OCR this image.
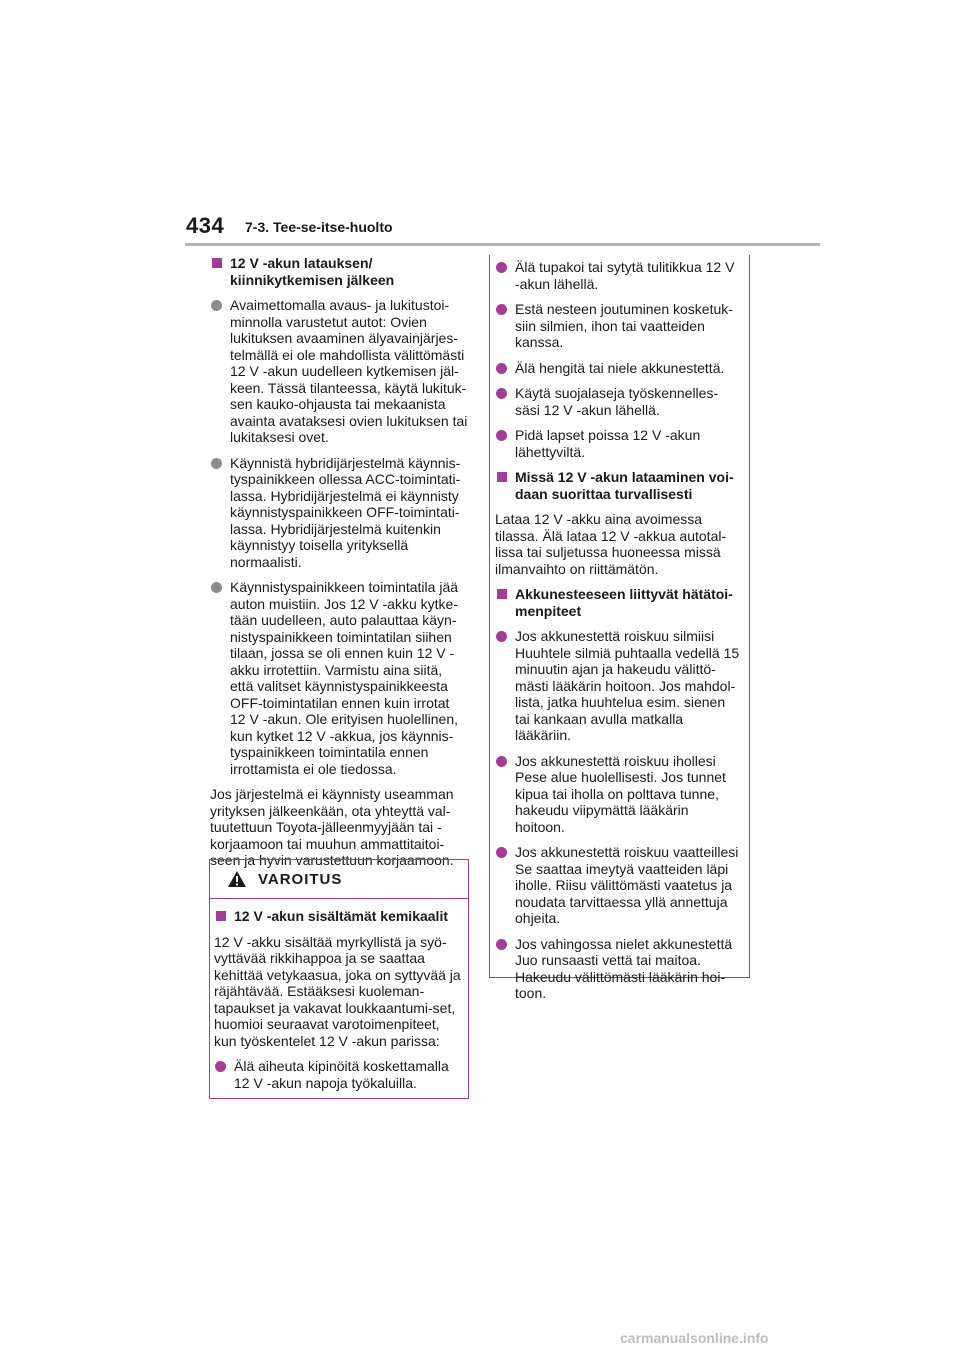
434 7-3. Tee-se-itse-huolto
12 V -akun latauksen/ kiinnikytkemisen jälkeen
Avaimettomalla avaus- ja lukitustoi-minnolla varustetut autot: Ovien lukituksen avaaminen älyavainjärjes-telmällä ei ole mahdollista välittömästi 12 V -akun uudelleen kytkemisen jäl-keen. Tässä tilanteessa, käytä lukituk-sen kauko-ohjausta tai mekaanista avainta avataksesi ovien lukituksen tai lukitaksesi ovet.
Käynnistä hybridijärjestelmä käynnis-tyspainikkeen ollessa ACC-toimintati-lassa. Hybridijärjestelmä ei käynnisty käynnistyspainikkeen OFF-toimintati-lassa. Hybridijärjestelmä kuitenkin käynnistyy toisella yrityksellä normaalisti.
Käynnistyspainikkeen toimintatila jää auton muistiin. Jos 12 V -akku kytke-tään uudelleen, auto palauttaa käyn-nistyspainikkeen toimintatilan siihen tilaan, jossa se oli ennen kuin 12 V -akku irrotettiin. Varmistu aina siitä, että valitset käynnistyspainikkeesta OFF-toimintatilan ennen kuin irrotat 12 V -akun. Ole erityisen huolellinen, kun kytket 12 V -akkua, jos käynnis-tyspainikkeen toimintatila ennen irrottamista ei ole tiedossa.
Jos järjestelmä ei käynnisty useamman yrityksen jälkeenkään, ota yhteyttä val-tuutettuun Toyota-jälleenmyyjään tai -korjaamoon tai muuhun ammattitaitoi-seen ja hyvin varustettuun korjaamoon.
VAROITUS
12 V -akun sisältämät kemikaalit
12 V -akku sisältää myrkyllistä ja syö-vyttävää rikkihappoa ja se saattaa kehittää vetykaasua, joka on syttyvää ja räjähtävää. Estääksesi kuoleman-tapaukset ja vakavat loukkaantumi-set, huomioi seuraavat varotoimenpiteet, kun työskentelet 12 V -akun parissa:
Älä aiheuta kipinöitä koskettamalla 12 V -akun napoja työkaluilla.
Älä tupakoi tai sytytä tulitikkua 12 V -akun lähellä.
Estä nesteen joutuminen kosketuk-siin silmien, ihon tai vaatteiden kanssa.
Älä hengitä tai niele akkunestettä.
Käytä suojalaseja työskennelles-säsi 12 V -akun lähellä.
Pidä lapset poissa 12 V -akun lähettyviltä.
Missä 12 V -akun lataaminen voi-daan suorittaa turvallisesti
Lataa 12 V -akku aina avoimessa tilassa. Älä lataa 12 V -akkua autotal-lissa tai suljetussa huoneessa missä ilmanvaihto on riittämätön.
Akkunesteeseen liittyvät hätätoi-menpiteet
Jos akkunestettä roiskuu silmiisi Huuhtele silmiä puhtaalla vedellä 15 minuutin ajan ja hakeudu välittö-mästi lääkärin hoitoon. Jos mahdol-lista, jatka huuhtelua esim. sienen tai kankaan avulla matkalla lääkäriin.
Jos akkunestettä roiskuu ihollesi Pese alue huolellisesti. Jos tunnet kipua tai iholla on polttava tunne, hakeudu viipymättä lääkärin hoitoon.
Jos akkunestettä roiskuu vaatteillesi Se saattaa imeytyä vaatteiden läpi iholle. Riisu välittömästi vaatetus ja noudata tarvittaessa yllä annettuja ohjeita.
Jos vahingossa nielet akkunestettä Juo runsaasti vettä tai maitoa. Hakeudu välittömästi lääkärin hoi-toon.
carmanualsonline.info
